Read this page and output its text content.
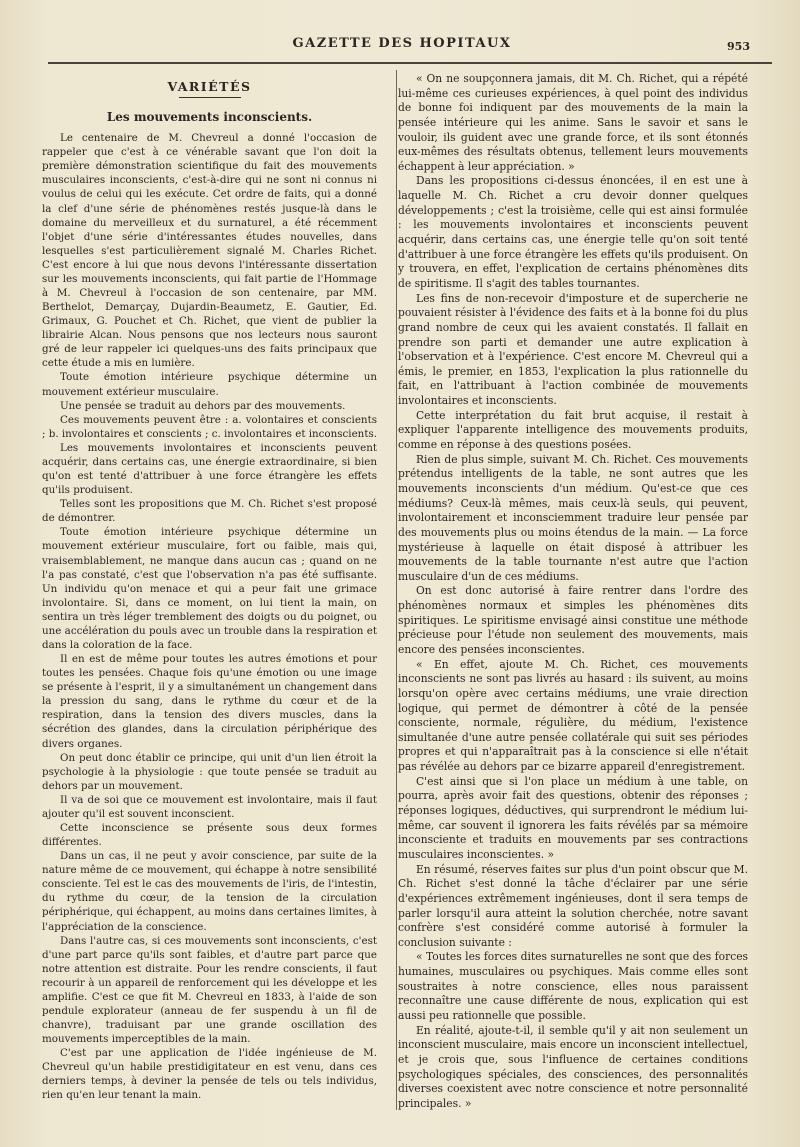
GAZETTE DES HOPITAUX	953
VARIÉTÉS
Les mouvements inconscients.

Le centenaire de M. Chevreul a donné l'occasion de rappeler que c'est à ce vénérable savant que l'on doit la première démonstration scientifique du fait des mouvements musculaires inconscients, c'est-à-dire qui ne sont ni connus ni voulus de celui qui les exécute. Cet ordre de faits, qui a donné la clef d'une série de phénomènes restés jusque-là dans le domaine du merveilleux et du surnaturel, a été récemment l'objet d'une série d'intéressantes études nouvelles, dans lesquelles s'est particulièrement signalé M. Charles Richet. C'est encore à lui que nous devons l'intéressante dissertation sur les mouvements inconscients, qui fait partie de l'Hommage à M. Chevreul à l'occasion de son centenaire, par MM. Berthelot, Demarçay, Dujardin-Beaumetz, E. Gautier, Ed. Grimaux, G. Pouchet et Ch. Richet, que vient de publier la librairie Alcan. Nous pensons que nos lecteurs nous sauront gré de leur rappeler ici quelques-uns des faits principaux que cette étude a mis en lumière.

Toute émotion intérieure psychique détermine un mouvement extérieur musculaire.

Une pensée se traduit au dehors par des mouvements.

Ces mouvements peuvent être : a. volontaires et conscients ; b. involontaires et conscients ; c. involontaires et inconscients.

Les mouvements involontaires et inconscients peuvent acquérir, dans certains cas, une énergie extraordinaire, si bien qu'on est tenté d'attribuer à une force étrangère les effets qu'ils produisent.

Telles sont les propositions que M. Ch. Richet s'est proposé de démontrer.

Toute émotion intérieure psychique détermine un mouvement extérieur musculaire, fort ou faible, mais qui, vraisemblablement, ne manque dans aucun cas ; quand on ne l'a pas constaté, c'est que l'observation n'a pas été suffisante. Un individu qu'on menace et qui a peur fait une grimace involontaire. Si, dans ce moment, on lui tient la main, on sentira un très léger tremblement des doigts ou du poignet, ou une accélération du pouls avec un trouble dans la respiration et dans la coloration de la face.

Il en est de même pour toutes les autres émotions et pour toutes les pensées. Chaque fois qu'une émotion ou une image se présente à l'esprit, il y a simultanément un changement dans la pression du sang, dans le rythme du cœur et de la respiration, dans la tension des divers muscles, dans la sécrétion des glandes, dans la circulation périphérique des divers organes.

On peut donc établir ce principe, qui unit d'un lien étroit la psychologie à la physiologie : que toute pensée se traduit au dehors par un mouvement.

Il va de soi que ce mouvement est involontaire, mais il faut ajouter qu'il est souvent inconscient.

Cette inconscience se présente sous deux formes différentes.

Dans un cas, il ne peut y avoir conscience, par suite de la nature même de ce mouvement, qui échappe à notre sensibilité consciente. Tel est le cas des mouvements de l'iris, de l'intestin, du rythme du cœur, de la tension de la circulation périphérique, qui échappent, au moins dans certaines limites, à l'appréciation de la conscience.

Dans l'autre cas, si ces mouvements sont inconscients, c'est d'une part parce qu'ils sont faibles, et d'autre part parce que notre attention est distraite. Pour les rendre conscients, il faut recourir à un appareil de renforcement qui les développe et les amplifie. C'est ce que fit M. Chevreul en 1833, à l'aide de son pendule explorateur (anneau de fer suspendu à un fil de chanvre), traduisant par une grande oscillation des mouvements imperceptibles de la main.

C'est par une application de l'idée ingénieuse de M. Chevreul qu'un habile prestidigitateur en est venu, dans ces derniers temps, à deviner la pensée de tels ou tels individus, rien qu'en leur tenant la main.

« On ne soupçonnera jamais, dit M. Ch. Richet, qui a répété lui-même ces curieuses expériences, à quel point des individus de bonne foi indiquent par des mouvements de la main la pensée intérieure qui les anime. Sans le savoir et sans le vouloir, ils guident avec une grande force, et ils sont étonnés eux-mêmes des résultats obtenus, tellement leurs mouvements échappent à leur appréciation. »

Dans les propositions ci-dessus énoncées, il en est une à laquelle M. Ch. Richet a cru devoir donner quelques développements ; c'est la troisième, celle qui est ainsi formulée : les mouvements involontaires et inconscients peuvent acquérir, dans certains cas, une énergie telle qu'on soit tenté d'attribuer à une force étrangère les effets qu'ils produisent. On y trouvera, en effet, l'explication de certains phénomènes dits de spiritisme. Il s'agit des tables tournantes.

Les fins de non-recevoir d'imposture et de supercherie ne pouvaient résister à l'évidence des faits et à la bonne foi du plus grand nombre de ceux qui les avaient constatés. Il fallait en prendre son parti et demander une autre explication à l'observation et à l'expérience. C'est encore M. Chevreul qui a émis, le premier, en 1853, l'explication la plus rationnelle du fait, en l'attribuant à l'action combinée de mouvements involontaires et inconscients.

Cette interprétation du fait brut acquise, il restait à expliquer l'apparente intelligence des mouvements produits, comme en réponse à des questions posées.

Rien de plus simple, suivant M. Ch. Richet. Ces mouvements prétendus intelligents de la table, ne sont autres que les mouvements inconscients d'un médium. Qu'est-ce que ces médiums? Ceux-là mêmes, mais ceux-là seuls, qui peuvent, involontairement et inconsciemment traduire leur pensée par des mouvements plus ou moins étendus de la main. — La force mystérieuse à laquelle on était disposé à attribuer les mouvements de la table tournante n'est autre que l'action musculaire d'un de ces médiums.

On est donc autorisé à faire rentrer dans l'ordre des phénomènes normaux et simples les phénomènes dits spiritiques. Le spiritisme envisagé ainsi constitue une méthode précieuse pour l'étude non seulement des mouvements, mais encore des pensées inconscientes.

« En effet, ajoute M. Ch. Richet, ces mouvements inconscients ne sont pas livrés au hasard : ils suivent, au moins lorsqu'on opère avec certains médiums, une vraie direction logique, qui permet de démontrer à côté de la pensée consciente, normale, régulière, du médium, l'existence simultanée d'une autre pensée collatérale qui suit ses périodes propres et qui n'apparaîtrait pas à la conscience si elle n'était pas révélée au dehors par ce bizarre appareil d'enregistrement.

C'est ainsi que si l'on place un médium à une table, on pourra, après avoir fait des questions, obtenir des réponses ; réponses logiques, déductives, qui surprendront le médium lui-même, car souvent il ignorera les faits révélés par sa mémoire inconsciente et traduits en mouvements par ses contractions musculaires inconscientes. »

En résumé, réserves faites sur plus d'un point obscur que M. Ch. Richet s'est donné la tâche d'éclairer par une série d'expériences extrêmement ingénieuses, dont il sera temps de parler lorsqu'il aura atteint la solution cherchée, notre savant confrère s'est considéré comme autorisé à formuler la conclusion suivante :

« Toutes les forces dites surnaturelles ne sont que des forces humaines, musculaires ou psychiques. Mais comme elles sont soustraites à notre conscience, elles nous paraissent reconnaître une cause différente de nous, explication qui est aussi peu rationnelle que possible.

En réalité, ajoute-t-il, il semble qu'il y ait non seulement un inconscient musculaire, mais encore un inconscient intellectuel, et je crois que, sous l'influence de certaines conditions psychologiques spéciales, des consciences, des personnalités diverses coexistent avec notre conscience et notre personnalité principales. »
